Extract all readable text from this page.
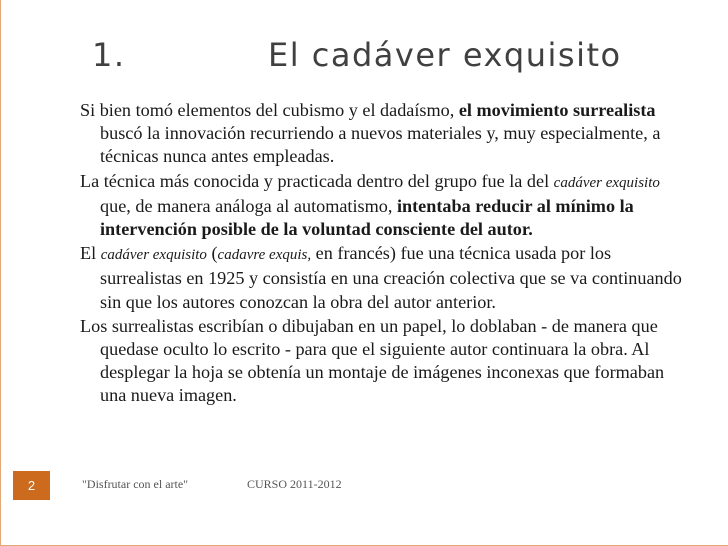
1.	El cadáver exquisito

Si bien tomó elementos del cubismo y el dadaísmo, el movimiento surrealista buscó la innovación recurriendo a nuevos materiales y, muy especialmente, a técnicas nunca antes empleadas.

La técnica más conocida y practicada dentro del grupo fue la del cadáver exquisito que, de manera análoga al automatismo, intentaba reducir al mínimo la intervención posible de la voluntad consciente del autor.

El cadáver exquisito (cadavre exquis, en francés) fue una técnica usada por los surrealistas en 1925 y consistía en una creación colectiva que se va continuando sin que los autores conozcan la obra del autor anterior.

Los surrealistas escribían o dibujaban en un papel, lo doblaban - de manera que quedase oculto lo escrito - para que el siguiente autor continuara la obra. Al desplegar la hoja se obtenía un montaje de imágenes inconexas que formaban una nueva imagen.

2	"Disfrutar con el arte"	CURSO 2011-2012
